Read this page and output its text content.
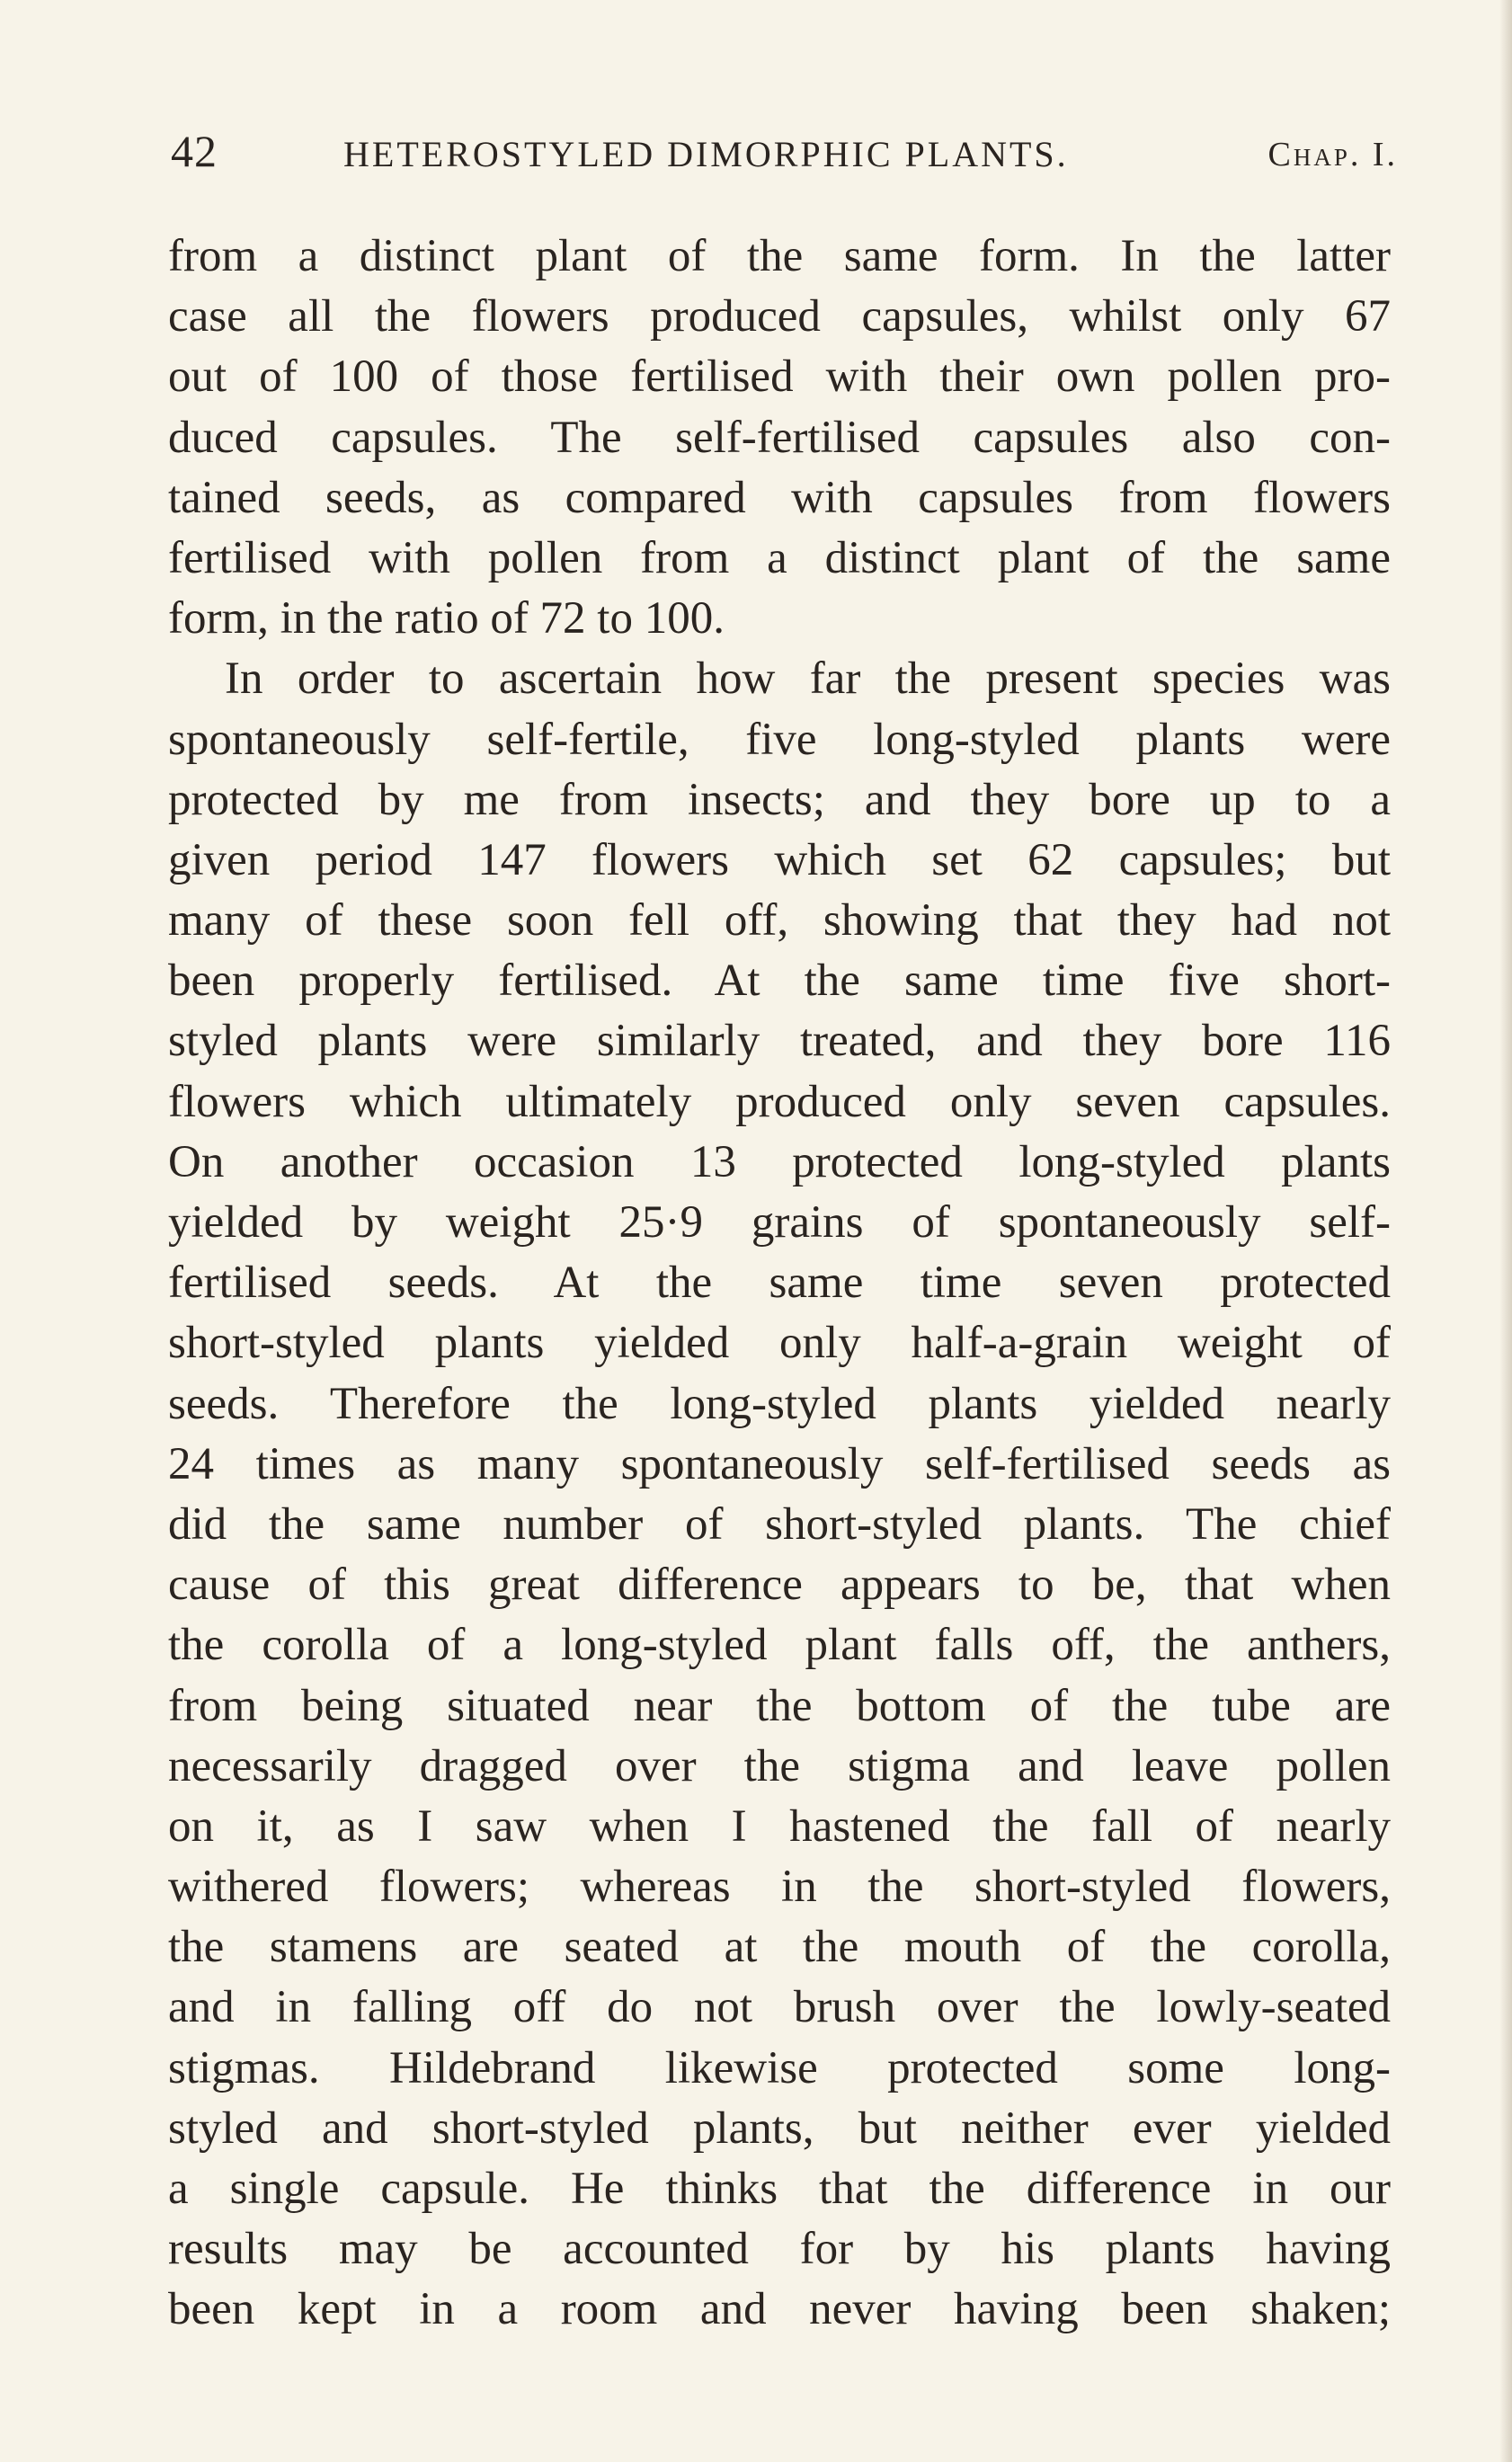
42	HETEROSTYLED DIMORPHIC PLANTS.	Chap. I.
from a distinct plant of the same form. In the latter
case all the flowers produced capsules, whilst only 67
out of 100 of those fertilised with their own pollen pro-
duced capsules. The self-fertilised capsules also con-
tained seeds, as compared with capsules from flowers
fertilised with pollen from a distinct plant of the same
form, in the ratio of 72 to 100.
In order to ascertain how far the present species was
spontaneously self-fertile, five long-styled plants were
protected by me from insects; and they bore up to a
given period 147 flowers which set 62 capsules; but
many of these soon fell off, showing that they had not
been properly fertilised. At the same time five short-
styled plants were similarly treated, and they bore 116
flowers which ultimately produced only seven capsules.
On another occasion 13 protected long-styled plants
yielded by weight 25·9 grains of spontaneously self-
fertilised seeds. At the same time seven protected
short-styled plants yielded only half-a-grain weight of
seeds. Therefore the long-styled plants yielded nearly
24 times as many spontaneously self-fertilised seeds as
did the same number of short-styled plants. The chief
cause of this great difference appears to be, that when
the corolla of a long-styled plant falls off, the anthers,
from being situated near the bottom of the tube are
necessarily dragged over the stigma and leave pollen
on it, as I saw when I hastened the fall of nearly
withered flowers; whereas in the short-styled flowers,
the stamens are seated at the mouth of the corolla,
and in falling off do not brush over the lowly-seated
stigmas. Hildebrand likewise protected some long-
styled and short-styled plants, but neither ever yielded
a single capsule. He thinks that the difference in our
results may be accounted for by his plants having
been kept in a room and never having been shaken;
